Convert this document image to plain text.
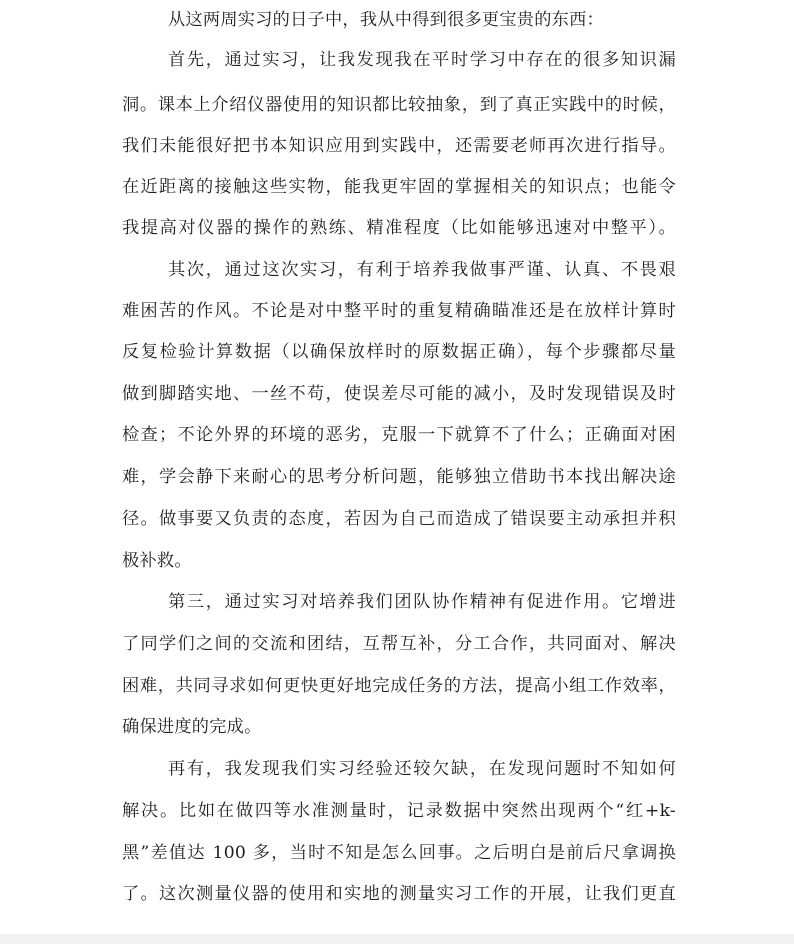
从这两周实习的日子中，我从中得到很多更宝贵的东西：
首先，通过实习，让我发现我在平时学习中存在的很多知识漏
洞。课本上介绍仪器使用的知识都比较抽象，到了真正实践中的时候，
我们未能很好把书本知识应用到实践中，还需要老师再次进行指导。
在近距离的接触这些实物，能我更牢固的掌握相关的知识点；也能令
我提高对仪器的操作的熟练、精准程度（比如能够迅速对中整平）。
其次，通过这次实习，有利于培养我做事严谨、认真、不畏艰
难困苦的作风。不论是对中整平时的重复精确瞄准还是在放样计算时
反复检验计算数据（以确保放样时的原数据正确），每个步骤都尽量
做到脚踏实地、一丝不苟，使误差尽可能的减小，及时发现错误及时
检查；不论外界的环境的恶劣，克服一下就算不了什么；正确面对困
难，学会静下来耐心的思考分析问题，能够独立借助书本找出解决途
径。做事要又负责的态度，若因为自己而造成了错误要主动承担并积
极补救。
第三，通过实习对培养我们团队协作精神有促进作用。它增进
了同学们之间的交流和团结，互帮互补，分工合作，共同面对、解决
困难，共同寻求如何更快更好地完成任务的方法，提高小组工作效率，
确保进度的完成。
再有，我发现我们实习经验还较欠缺，在发现问题时不知如何
解决。比如在做四等水准测量时，记录数据中突然出现两个“红+k-
黑”差值达 100 多，当时不知是怎么回事。之后明白是前后尺拿调换
了。这次测量仪器的使用和实地的测量实习工作的开展，让我们更直
